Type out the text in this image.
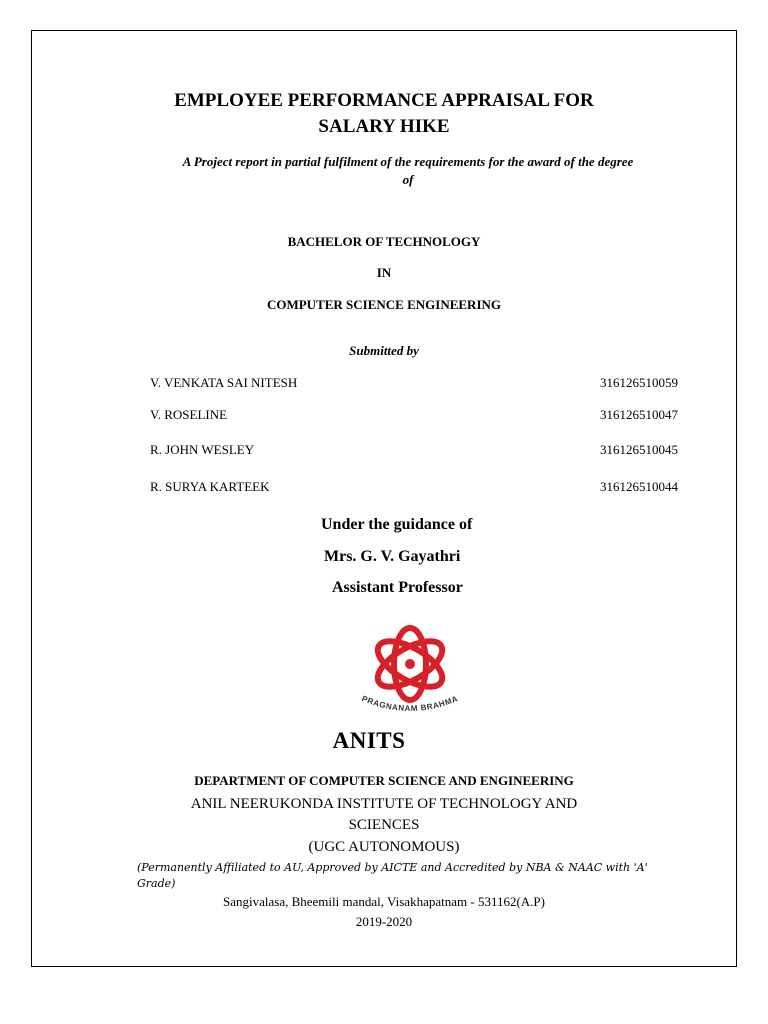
EMPLOYEE PERFORMANCE APPRAISAL FOR
SALARY HIKE
A Project report in partial fulfilment of the requirements for the award of the degree
of
BACHELOR OF TECHNOLOGY
IN
COMPUTER SCIENCE ENGINEERING
Submitted by
V. VENKATA SAI NITESH	316126510059
V. ROSELINE	316126510047
R. JOHN WESLEY	316126510045
R. SURYA KARTEEK	316126510044
Under the guidance of
Mrs. G. V. Gayathri
Assistant Professor
PRAGNANAM BRAHMA
ANITS
DEPARTMENT OF COMPUTER SCIENCE AND ENGINEERING
ANIL NEERUKONDA INSTITUTE OF TECHNOLOGY AND
SCIENCES
(UGC AUTONOMOUS)
(Permanently Affiliated to AU, Approved by AICTE and Accredited by NBA & NAAC with 'A'
Grade)
Sangivalasa, Bheemili mandal, Visakhapatnam - 531162(A.P)
2019-2020
